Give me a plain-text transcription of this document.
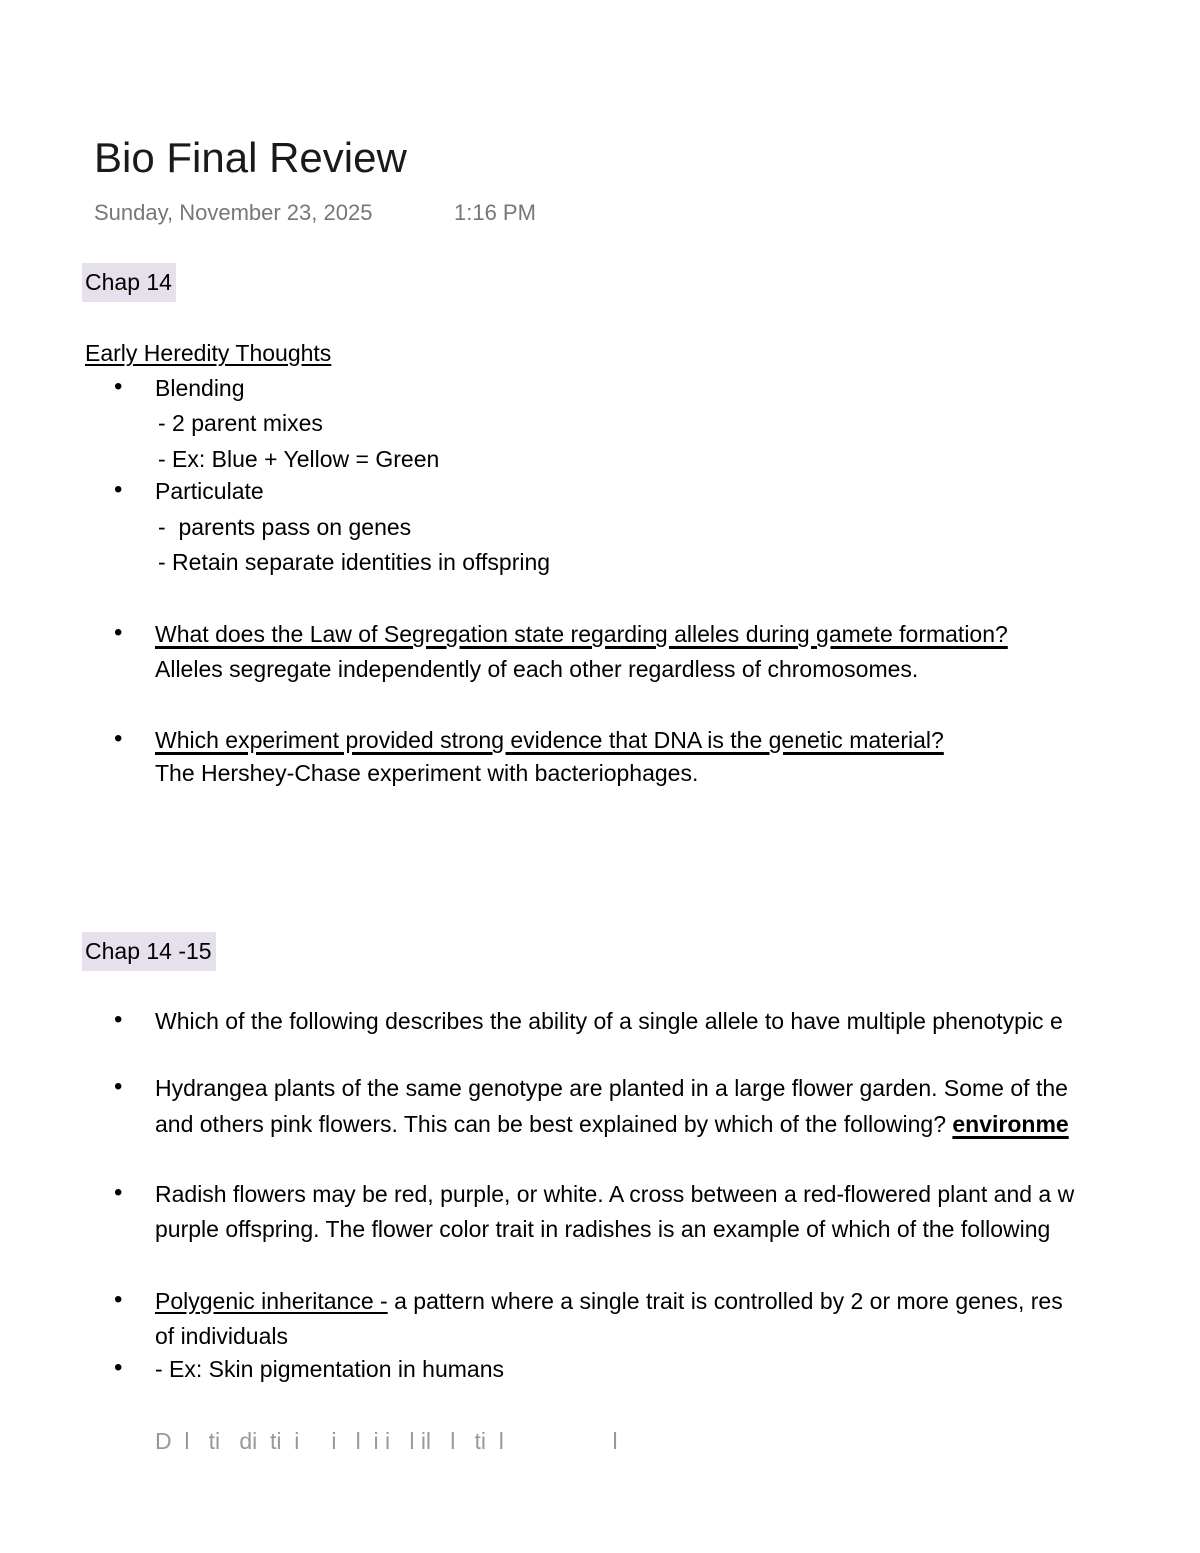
Bio Final Review
Sunday, November 23, 2025	1:16 PM
Chap 14
Early Heredity Thoughts
• Blending
- 2 parent mixes
- Ex: Blue + Yellow = Green
• Particulate
-  parents pass on genes
- Retain separate identities in offspring
• What does the Law of Segregation state regarding alleles during gamete formation?
Alleles segregate independently of each other regardless of chromosomes.
• Which experiment provided strong evidence that DNA is the genetic material?
The Hershey-Chase experiment with bacteriophages.
Chap 14 -15
• Which of the following describes the ability of a single allele to have multiple phenotypic e
• Hydrangea plants of the same genotype are planted in a large flower garden. Some of the
and others pink flowers. This can be best explained by which of the following? environme
• Radish flowers may be red, purple, or white. A cross between a red-flowered plant and a w
purple offspring. The flower color trait in radishes is an example of which of the following
• Polygenic inheritance - a pattern where a single trait is controlled by 2 or more genes, res
of individuals
• - Ex: Skin pigmentation in humans
D  l   ti   di  ti  i     i   l  i i   l il   l   ti  l                 l
